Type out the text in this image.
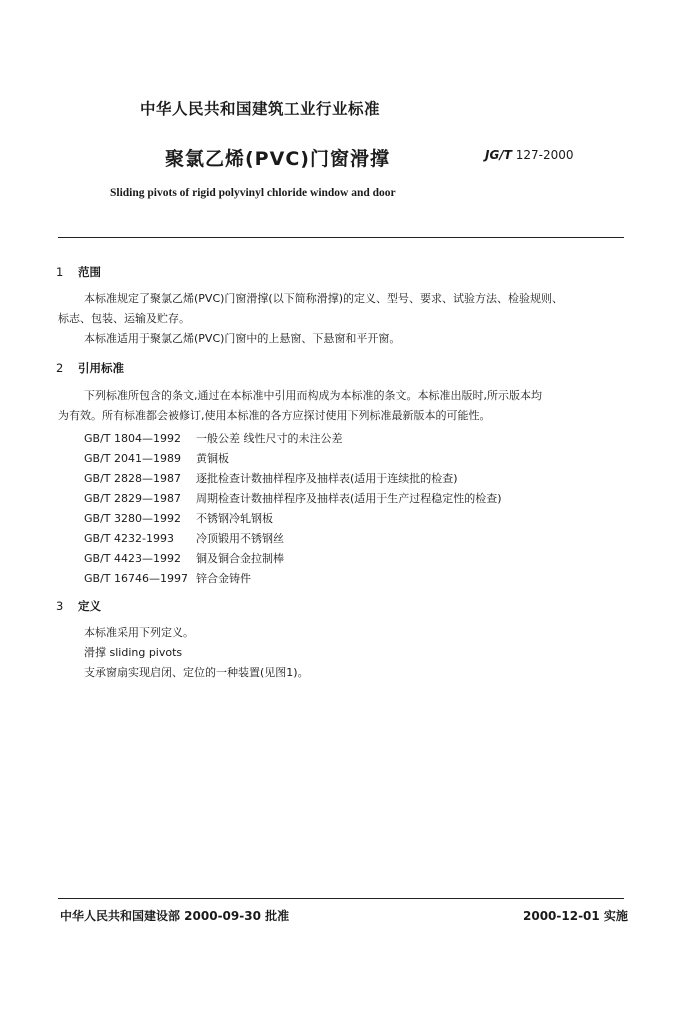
中华人民共和国建筑工业行业标准
聚氯乙烯(PVC)门窗滑撑	JG/T 127-2000
Sliding pivots of rigid polyvinyl chloride window and door
1 范围
本标准规定了聚氯乙烯(PVC)门窗滑撑(以下简称滑撑)的定义、型号、要求、试验方法、检验规则、
标志、包装、运输及贮存。
本标准适用于聚氯乙烯(PVC)门窗中的上悬窗、下悬窗和平开窗。
2 引用标准
下列标准所包含的条文,通过在本标准中引用而构成为本标准的条文。本标准出版时,所示版本均
为有效。所有标准都会被修订,使用本标准的各方应探讨使用下列标准最新版本的可能性。
GB/T 1804—1992 一般公差 线性尺寸的未注公差
GB/T 2041—1989 黄铜板
GB/T 2828—1987 逐批检查计数抽样程序及抽样表(适用于连续批的检查)
GB/T 2829—1987 周期检查计数抽样程序及抽样表(适用于生产过程稳定性的检查)
GB/T 3280—1992 不锈钢冷轧钢板
GB/T 4232-1993 冷顶锻用不锈钢丝
GB/T 4423—1992 铜及铜合金拉制棒
GB/T 16746—1997 锌合金铸件
3 定义
本标准采用下列定义。
滑撑 sliding pivots
支承窗扇实现启闭、定位的一种装置(见图1)。
中华人民共和国建设部 2000-09-30 批准	2000-12-01 实施
